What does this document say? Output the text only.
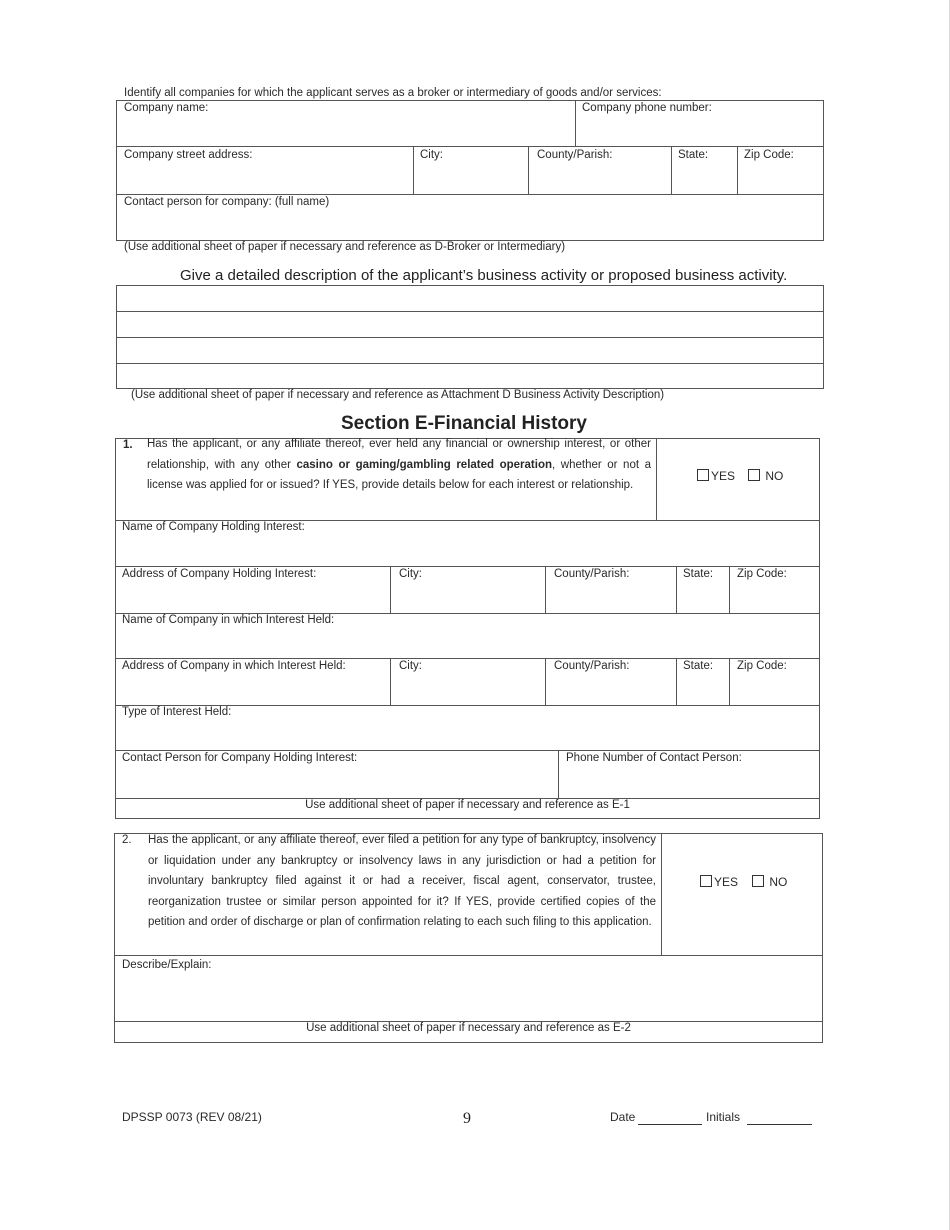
Identify all companies for which the applicant serves as a broker or intermediary of goods and/or services:
Company name:	Company phone number:
Company street address:	City:	County/Parish:	State:	Zip Code:
Contact person for company: (full name)
(Use additional sheet of paper if necessary and reference as D-Broker or Intermediary)
Give a detailed description of the applicant’s business activity or proposed business activity.
(Use additional sheet of paper if necessary and reference as Attachment D Business Activity Description)
Section E-Financial History
1. Has the applicant, or any affiliate thereof, ever held any financial or ownership interest, or other relationship, with any other casino or gaming/gambling related operation, whether or not a license was applied for or issued? If YES, provide details below for each interest or relationship.
YES	NO
Name of Company Holding Interest:
Address of Company Holding Interest:	City:	County/Parish:	State: Zip Code:
Name of Company in which Interest Held:
Address of Company in which Interest Held:	City:	County/Parish:	State: Zip Code:
Type of Interest Held:
Contact Person for Company Holding Interest:	Phone Number of Contact Person:
Use additional sheet of paper if necessary and reference as E-1
2. Has the applicant, or any affiliate thereof, ever filed a petition for any type of bankruptcy, insolvency or liquidation under any bankruptcy or insolvency laws in any jurisdiction or had a petition for involuntary bankruptcy filed against it or had a receiver, fiscal agent, conservator, trustee, reorganization trustee or similar person appointed for it? If YES, provide certified copies of the petition and order of discharge or plan of confirmation relating to each such filing to this application.
YES	NO
Describe/Explain:
Use additional sheet of paper if necessary and reference as E-2
DPSSP 0073 (REV 08/21)	9	Date	Initials
